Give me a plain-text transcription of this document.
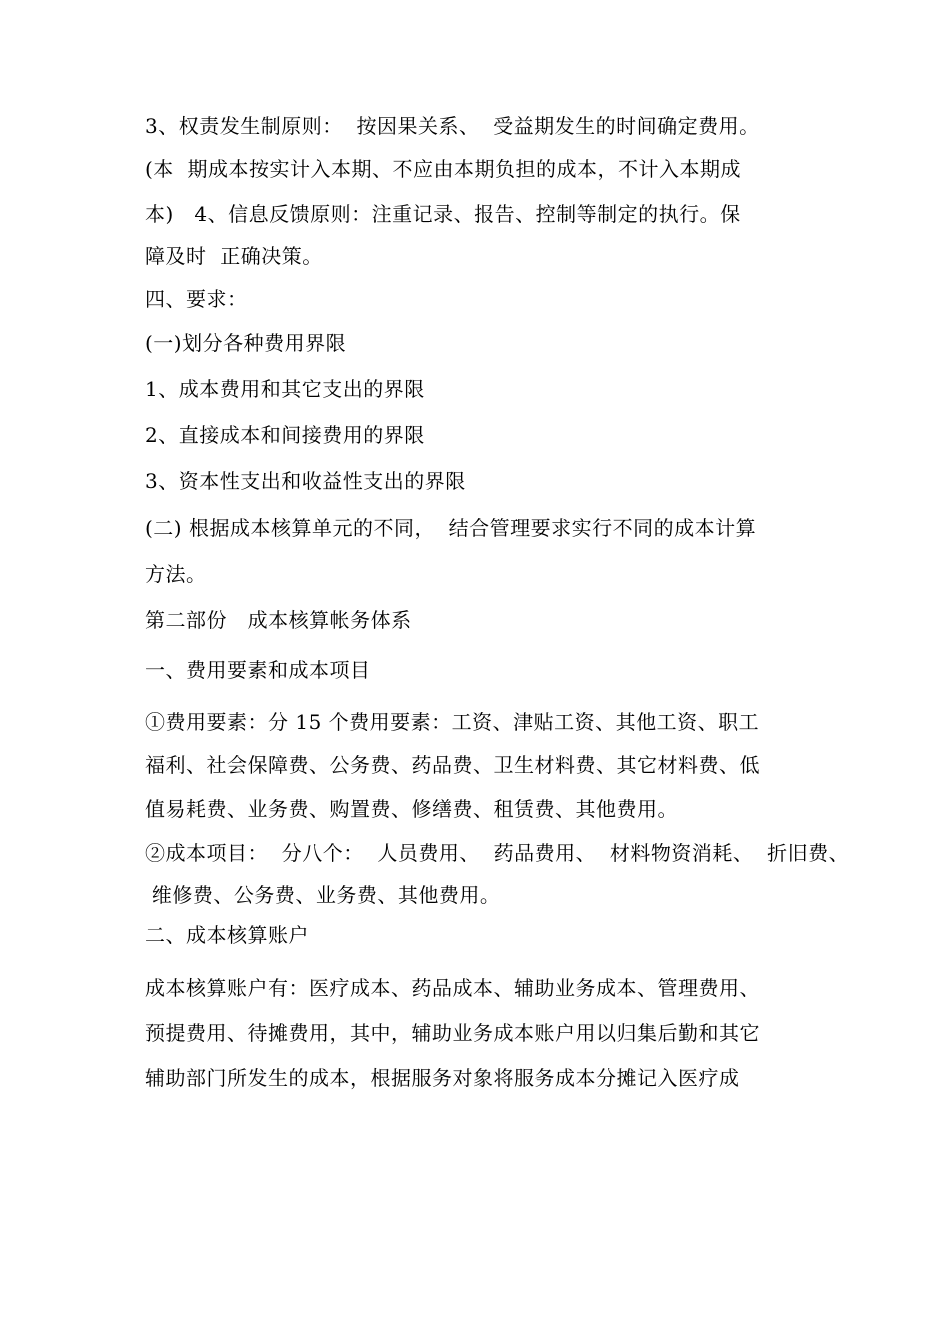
3、权责发生制原则：  按因果关系、  受益期发生的时间确定费用。
(本  期成本按实计入本期、不应由本期负担的成本，不计入本期成
本)   4、信息反馈原则：注重记录、报告、控制等制定的执行。保
障及时  正确决策。
四、要求：
(一)划分各种费用界限
1、成本费用和其它支出的界限
2、直接成本和间接费用的界限
3、资本性支出和收益性支出的界限
(二) 根据成本核算单元的不同，  结合管理要求实行不同的成本计算
方法。
第二部份   成本核算帐务体系
一、费用要素和成本项目
①费用要素：分 15 个费用要素：工资、津贴工资、其他工资、职工
福利、社会保障费、公务费、药品费、卫生材料费、其它材料费、低
值易耗费、业务费、购置费、修缮费、租赁费、其他费用。
②成本项目：  分八个：  人员费用、  药品费用、  材料物资消耗、  折旧费、
维修费、公务费、业务费、其他费用。
二、成本核算账户
成本核算账户有：医疗成本、药品成本、辅助业务成本、管理费用、
预提费用、待摊费用，其中，辅助业务成本账户用以归集后勤和其它
辅助部门所发生的成本，根据服务对象将服务成本分摊记入医疗成
